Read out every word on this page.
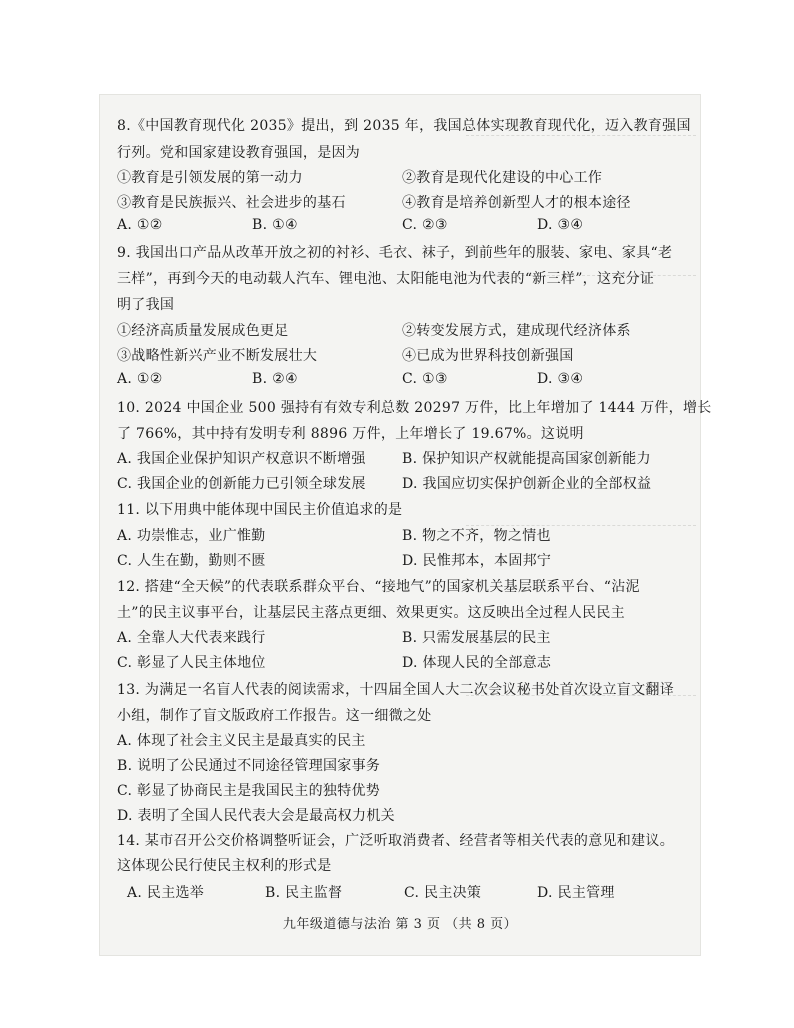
8.《中国教育现代化 2035》提出，到 2035 年，我国总体实现教育现代化，迈入教育强国
行列。党和国家建设教育强国，是因为
①教育是引领发展的第一动力	②教育是现代化建设的中心工作
③教育是民族振兴、社会进步的基石	④教育是培养创新型人才的根本途径
A. ①②	B. ①④	C. ②③	D. ③④
9. 我国出口产品从改革开放之初的衬衫、毛衣、袜子，到前些年的服装、家电、家具“老
三样”，再到今天的电动载人汽车、锂电池、太阳能电池为代表的“新三样”，这充分证
明了我国
①经济高质量发展成色更足	②转变发展方式，建成现代经济体系
③战略性新兴产业不断发展壮大	④已成为世界科技创新强国
A. ①②	B. ②④	C. ①③	D. ③④
10. 2024 中国企业 500 强持有有效专利总数 20297 万件，比上年增加了 1444 万件，增长
了 766%，其中持有发明专利 8896 万件，上年增长了 19.67%。这说明
A. 我国企业保护知识产权意识不断增强	B. 保护知识产权就能提高国家创新能力
C. 我国企业的创新能力已引领全球发展	D. 我国应切实保护创新企业的全部权益
11. 以下用典中能体现中国民主价值追求的是
A. 功崇惟志，业广惟勤	B. 物之不齐，物之情也
C. 人生在勤，勤则不匮	D. 民惟邦本，本固邦宁
12. 搭建“全天候”的代表联系群众平台、“接地气”的国家机关基层联系平台、“沾泥
土”的民主议事平台，让基层民主落点更细、效果更实。这反映出全过程人民民主
A. 全靠人大代表来践行	B. 只需发展基层的民主
C. 彰显了人民主体地位	D. 体现人民的全部意志
13. 为满足一名盲人代表的阅读需求，十四届全国人大二次会议秘书处首次设立盲文翻译
小组，制作了盲文版政府工作报告。这一细微之处
A. 体现了社会主义民主是最真实的民主
B. 说明了公民通过不同途径管理国家事务
C. 彰显了协商民主是我国民主的独特优势
D. 表明了全国人民代表大会是最高权力机关
14. 某市召开公交价格调整听证会，广泛听取消费者、经营者等相关代表的意见和建议。
这体现公民行使民主权利的形式是
A. 民主选举	B. 民主监督	C. 民主决策	D. 民主管理
九年级道德与法治 第 3 页 （共 8 页）
